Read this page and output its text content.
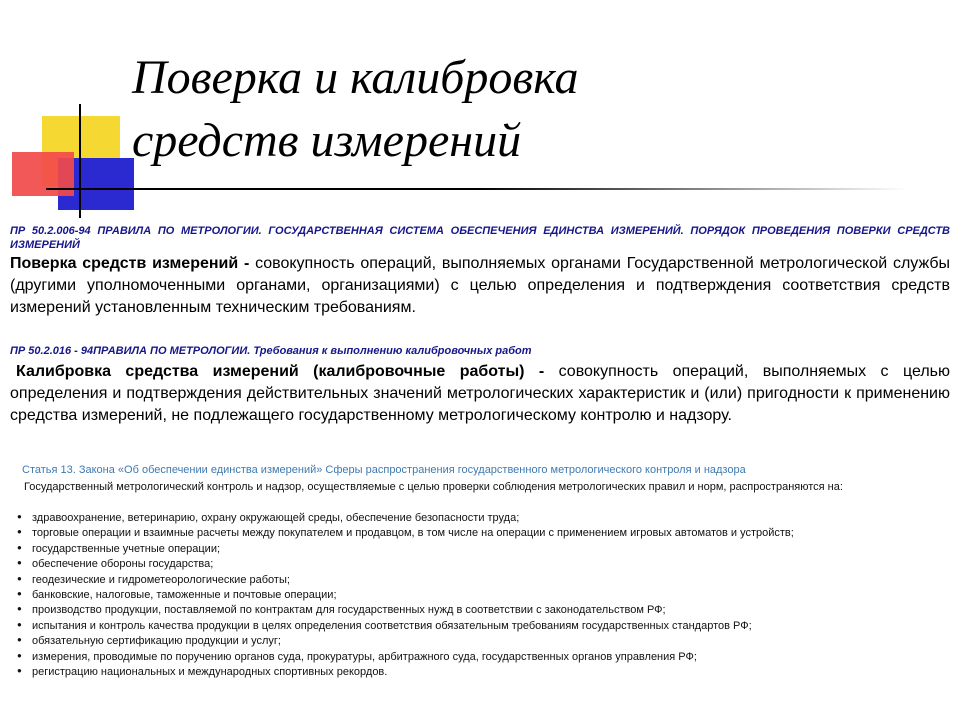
Поверка и калибровка
средств измерений

ПР 50.2.006-94 ПРАВИЛА ПО МЕТРОЛОГИИ. ГОСУДАРСТВЕННАЯ СИСТЕМА ОБЕСПЕЧЕНИЯ ЕДИНСТВА ИЗМЕРЕНИЙ. ПОРЯДОК ПРОВЕДЕНИЯ ПОВЕРКИ СРЕДСТВ ИЗМЕРЕНИЙ

Поверка средств измерений - совокупность операций, выполняемых органами Государственной метрологической службы (другими уполномоченными органами, организациями) с целью определения и подтверждения соответствия средств измерений установленным техническим требованиям.

ПР 50.2.016 - 94ПРАВИЛА ПО МЕТРОЛОГИИ. Требования к выполнению калибровочных работ

Калибровка средства измерений (калибровочные работы) - совокупность операций, выполняемых с целью определения и подтверждения действительных значений метрологических характеристик и (или) пригодности к применению средства измерений, не подлежащего государственному метрологическому контролю и надзору.

Статья 13. Закона «Об обеспечении единства измерений» Сферы распространения государственного метрологического контроля и надзора

Государственный метрологический контроль и надзор, осуществляемые с целью проверки соблюдения метрологических правил и норм, распространяются на:

● здравоохранение, ветеринарию, охрану окружающей среды, обеспечение безопасности труда;
● торговые операции и взаимные расчеты между покупателем и продавцом, в том числе на операции с применением игровых автоматов и устройств;
● государственные учетные операции;
● обеспечение обороны государства;
● геодезические и гидрометеорологические работы;
● банковские, налоговые, таможенные и почтовые операции;
● производство продукции, поставляемой по контрактам для государственных нужд в соответствии с законодательством РФ;
● испытания и контроль качества продукции в целях определения соответствия обязательным требованиям государственных стандартов РФ;
● обязательную сертификацию продукции и услуг;
● измерения, проводимые по поручению органов суда, прокуратуры, арбитражного суда, государственных органов управления РФ;
● регистрацию национальных и международных спортивных рекордов.
